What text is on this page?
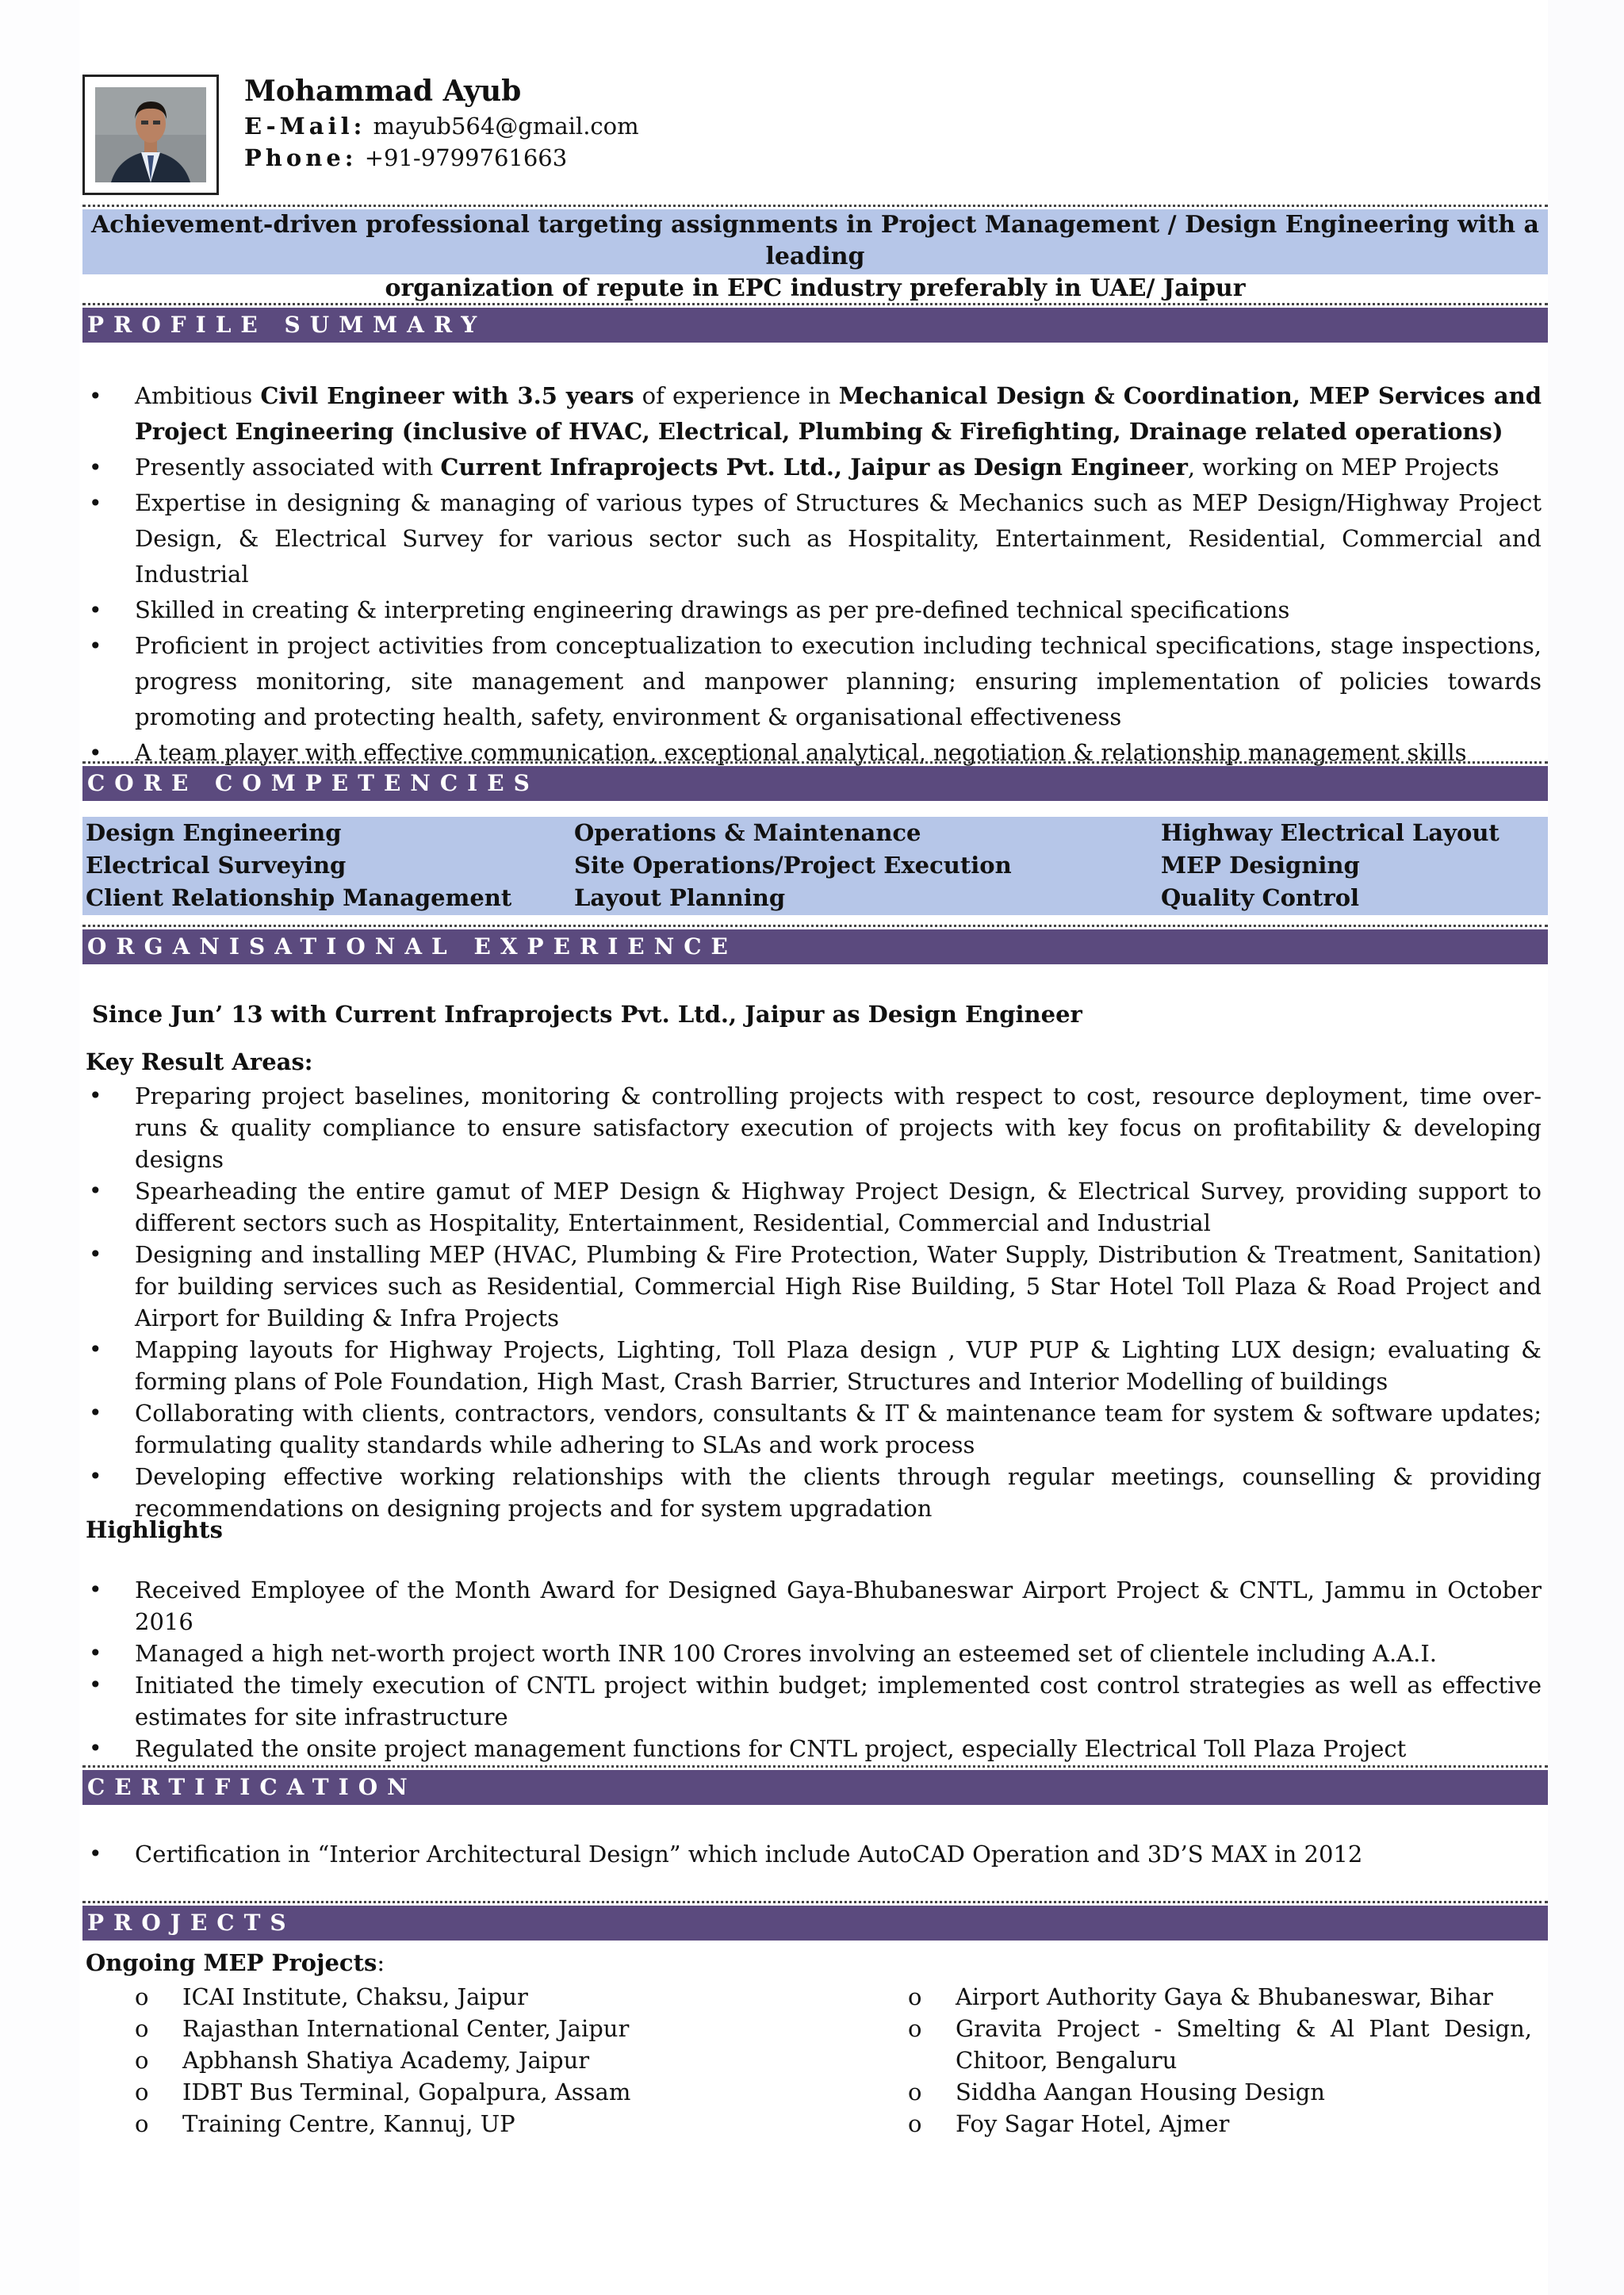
Mohammad Ayub
E-Mail: mayub564@gmail.com
Phone: +91-9799761663
Achievement-driven professional targeting assignments in Project Management / Design Engineering with a leading
organization of repute in EPC industry preferably in UAE/ Jaipur
PROFILE SUMMARY
• Ambitious Civil Engineer with 3.5 years of experience in Mechanical Design & Coordination, MEP Services and Project Engineering (inclusive of HVAC, Electrical, Plumbing & Firefighting, Drainage related operations)
• Presently associated with Current Infraprojects Pvt. Ltd., Jaipur as Design Engineer, working on MEP Projects
• Expertise in designing & managing of various types of Structures & Mechanics such as MEP Design/Highway Project Design, & Electrical Survey for various sector such as Hospitality, Entertainment, Residential, Commercial and Industrial
• Skilled in creating & interpreting engineering drawings as per pre-defined technical specifications
• Proficient in project activities from conceptualization to execution including technical specifications, stage inspections, progress monitoring, site management and manpower planning; ensuring implementation of policies towards promoting and protecting health, safety, environment & organisational effectiveness
• A team player with effective communication, exceptional analytical, negotiation & relationship management skills
CORE COMPETENCIES
Design Engineering	Operations & Maintenance	Highway Electrical Layout
Electrical Surveying	Site Operations/Project Execution	MEP Designing
Client Relationship Management	Layout Planning	Quality Control
ORGANISATIONAL EXPERIENCE
Since Jun’ 13 with Current Infraprojects Pvt. Ltd., Jaipur as Design Engineer
Key Result Areas:
• Preparing project baselines, monitoring & controlling projects with respect to cost, resource deployment, time over-runs & quality compliance to ensure satisfactory execution of projects with key focus on profitability & developing designs
• Spearheading the entire gamut of MEP Design & Highway Project Design, & Electrical Survey, providing support to different sectors such as Hospitality, Entertainment, Residential, Commercial and Industrial
• Designing and installing MEP (HVAC, Plumbing & Fire Protection, Water Supply, Distribution & Treatment, Sanitation) for building services such as Residential, Commercial High Rise Building, 5 Star Hotel Toll Plaza & Road Project and Airport for Building & Infra Projects
• Mapping layouts for Highway Projects, Lighting, Toll Plaza design , VUP PUP & Lighting LUX design; evaluating & forming plans of Pole Foundation, High Mast, Crash Barrier, Structures and Interior Modelling of buildings
• Collaborating with clients, contractors, vendors, consultants & IT & maintenance team for system & software updates; formulating quality standards while adhering to SLAs and work process
• Developing effective working relationships with the clients through regular meetings, counselling & providing recommendations on designing projects and for system upgradation
Highlights
• Received Employee of the Month Award for Designed Gaya-Bhubaneswar Airport Project & CNTL, Jammu in October 2016
• Managed a high net-worth project worth INR 100 Crores involving an esteemed set of clientele including A.A.I.
• Initiated the timely execution of CNTL project within budget; implemented cost control strategies as well as effective estimates for site infrastructure
• Regulated the onsite project management functions for CNTL project, especially Electrical Toll Plaza Project
CERTIFICATION
• Certification in “Interior Architectural Design” which include AutoCAD Operation and 3D’S MAX in 2012
PROJECTS
Ongoing MEP Projects:
o ICAI Institute, Chaksu, Jaipur
o Rajasthan International Center, Jaipur
o Apbhansh Shatiya Academy, Jaipur
o IDBT Bus Terminal, Gopalpura, Assam
o Training Centre, Kannuj, UP
o Airport Authority Gaya & Bhubaneswar, Bihar
o Gravita Project - Smelting & Al Plant Design, Chitoor, Bengaluru
o Siddha Aangan Housing Design
o Foy Sagar Hotel, Ajmer
